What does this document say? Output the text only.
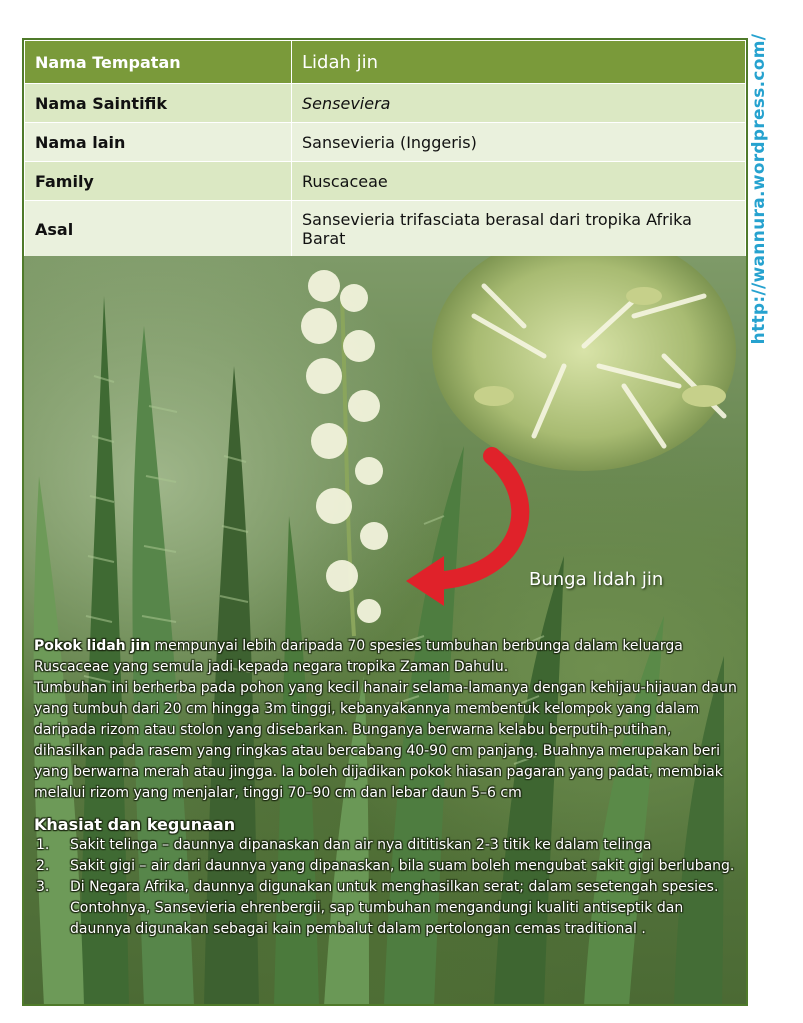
Nama Tempatan	Lidah jin
Nama Saintifik	Senseviera
Nama lain	Sansevieria (Inggeris)
Family	Ruscaceae
Asal	Sansevieria trifasciata berasal dari tropika Afrika Barat
Bunga lidah jin

Pokok lidah jin mempunyai lebih daripada 70 spesies tumbuhan berbunga dalam keluarga Ruscaceae yang semula jadi kepada negara tropika Zaman Dahulu.

Tumbuhan ini berherba pada pohon yang kecil hanair selama-lamanya dengan kehijau-hijauan daun yang tumbuh dari 20 cm hingga 3m tinggi, kebanyakannya membentuk kelompok yang dalam daripada rizom atau stolon yang disebarkan. Bunganya berwarna kelabu berputih-putihan, dihasilkan pada rasem yang ringkas atau bercabang 40-90 cm panjang. Buahnya merupakan beri yang berwarna merah atau jingga. Ia boleh dijadikan pokok hiasan pagaran yang padat, membiak melalui rizom yang menjalar, tinggi 70–90 cm dan lebar daun 5–6 cm

Khasiat dan kegunaan

1. Sakit telinga – daunnya dipanaskan dan air nya dititiskan 2-3 titik ke dalam telinga
2. Sakit gigi – air dari daunnya yang dipanaskan, bila suam boleh mengubat sakit gigi berlubang.
3. Di Negara Afrika, daunnya digunakan untuk menghasilkan serat; dalam sesetengah spesies. Contohnya, Sansevieria ehrenbergii, sap tumbuhan mengandungi kualiti antiseptik dan daunnya digunakan sebagai kain pembalut dalam pertolongan cemas traditional .
http://wannura.wordpress.com/
